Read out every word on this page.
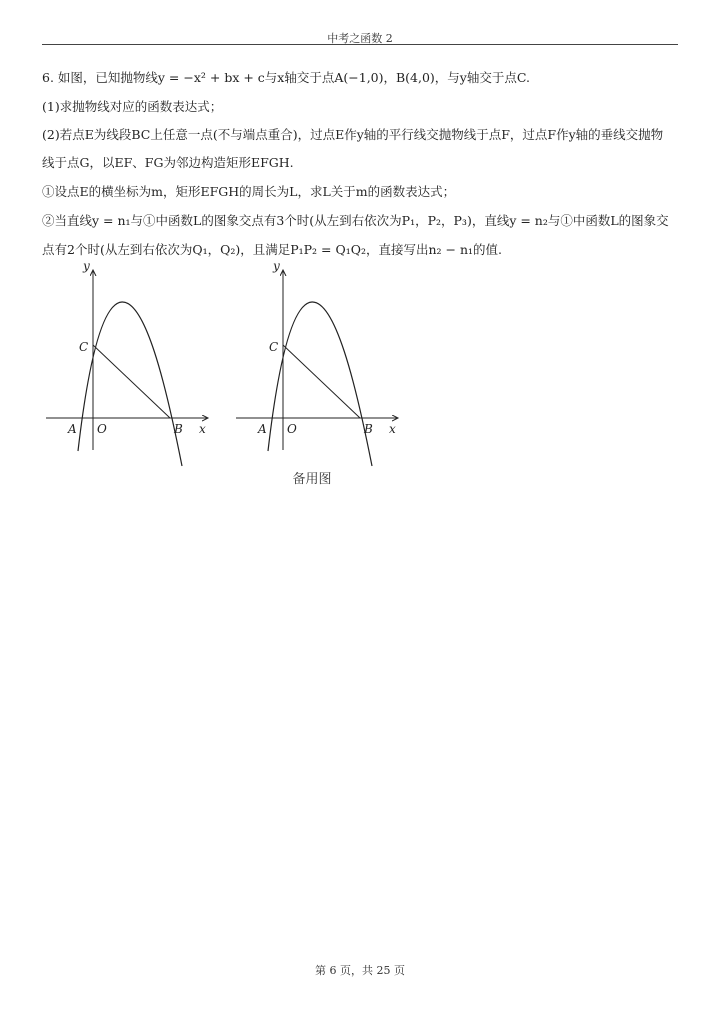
中考之函数 2
6. 如图，已知抛物线y = −x² + bx + c与x轴交于点A(−1,0)，B(4,0)，与y轴交于点C.
(1)求抛物线对应的函数表达式；
(2)若点E为线段BC上任意一点(不与端点重合)，过点E作y轴的平行线交抛物线于点F，过点F作y轴的垂线交抛物
线于点G，以EF、FG为邻边构造矩形EFGH.
①设点E的横坐标为m，矩形EFGH的周长为L，求L关于m的函数表达式；
②当直线y = n₁与①中函数L的图象交点有3个时(从左到右依次为P₁，P₂，P₃)，直线y = n₂与①中函数L的图象交
点有2个时(从左到右依次为Q₁，Q₂)，且满足P₁P₂ = Q₁Q₂，直接写出n₂ − n₁的值.
y
C
A O	B x
y
C
A O	B x
备用图
第 6 页，共 25 页
